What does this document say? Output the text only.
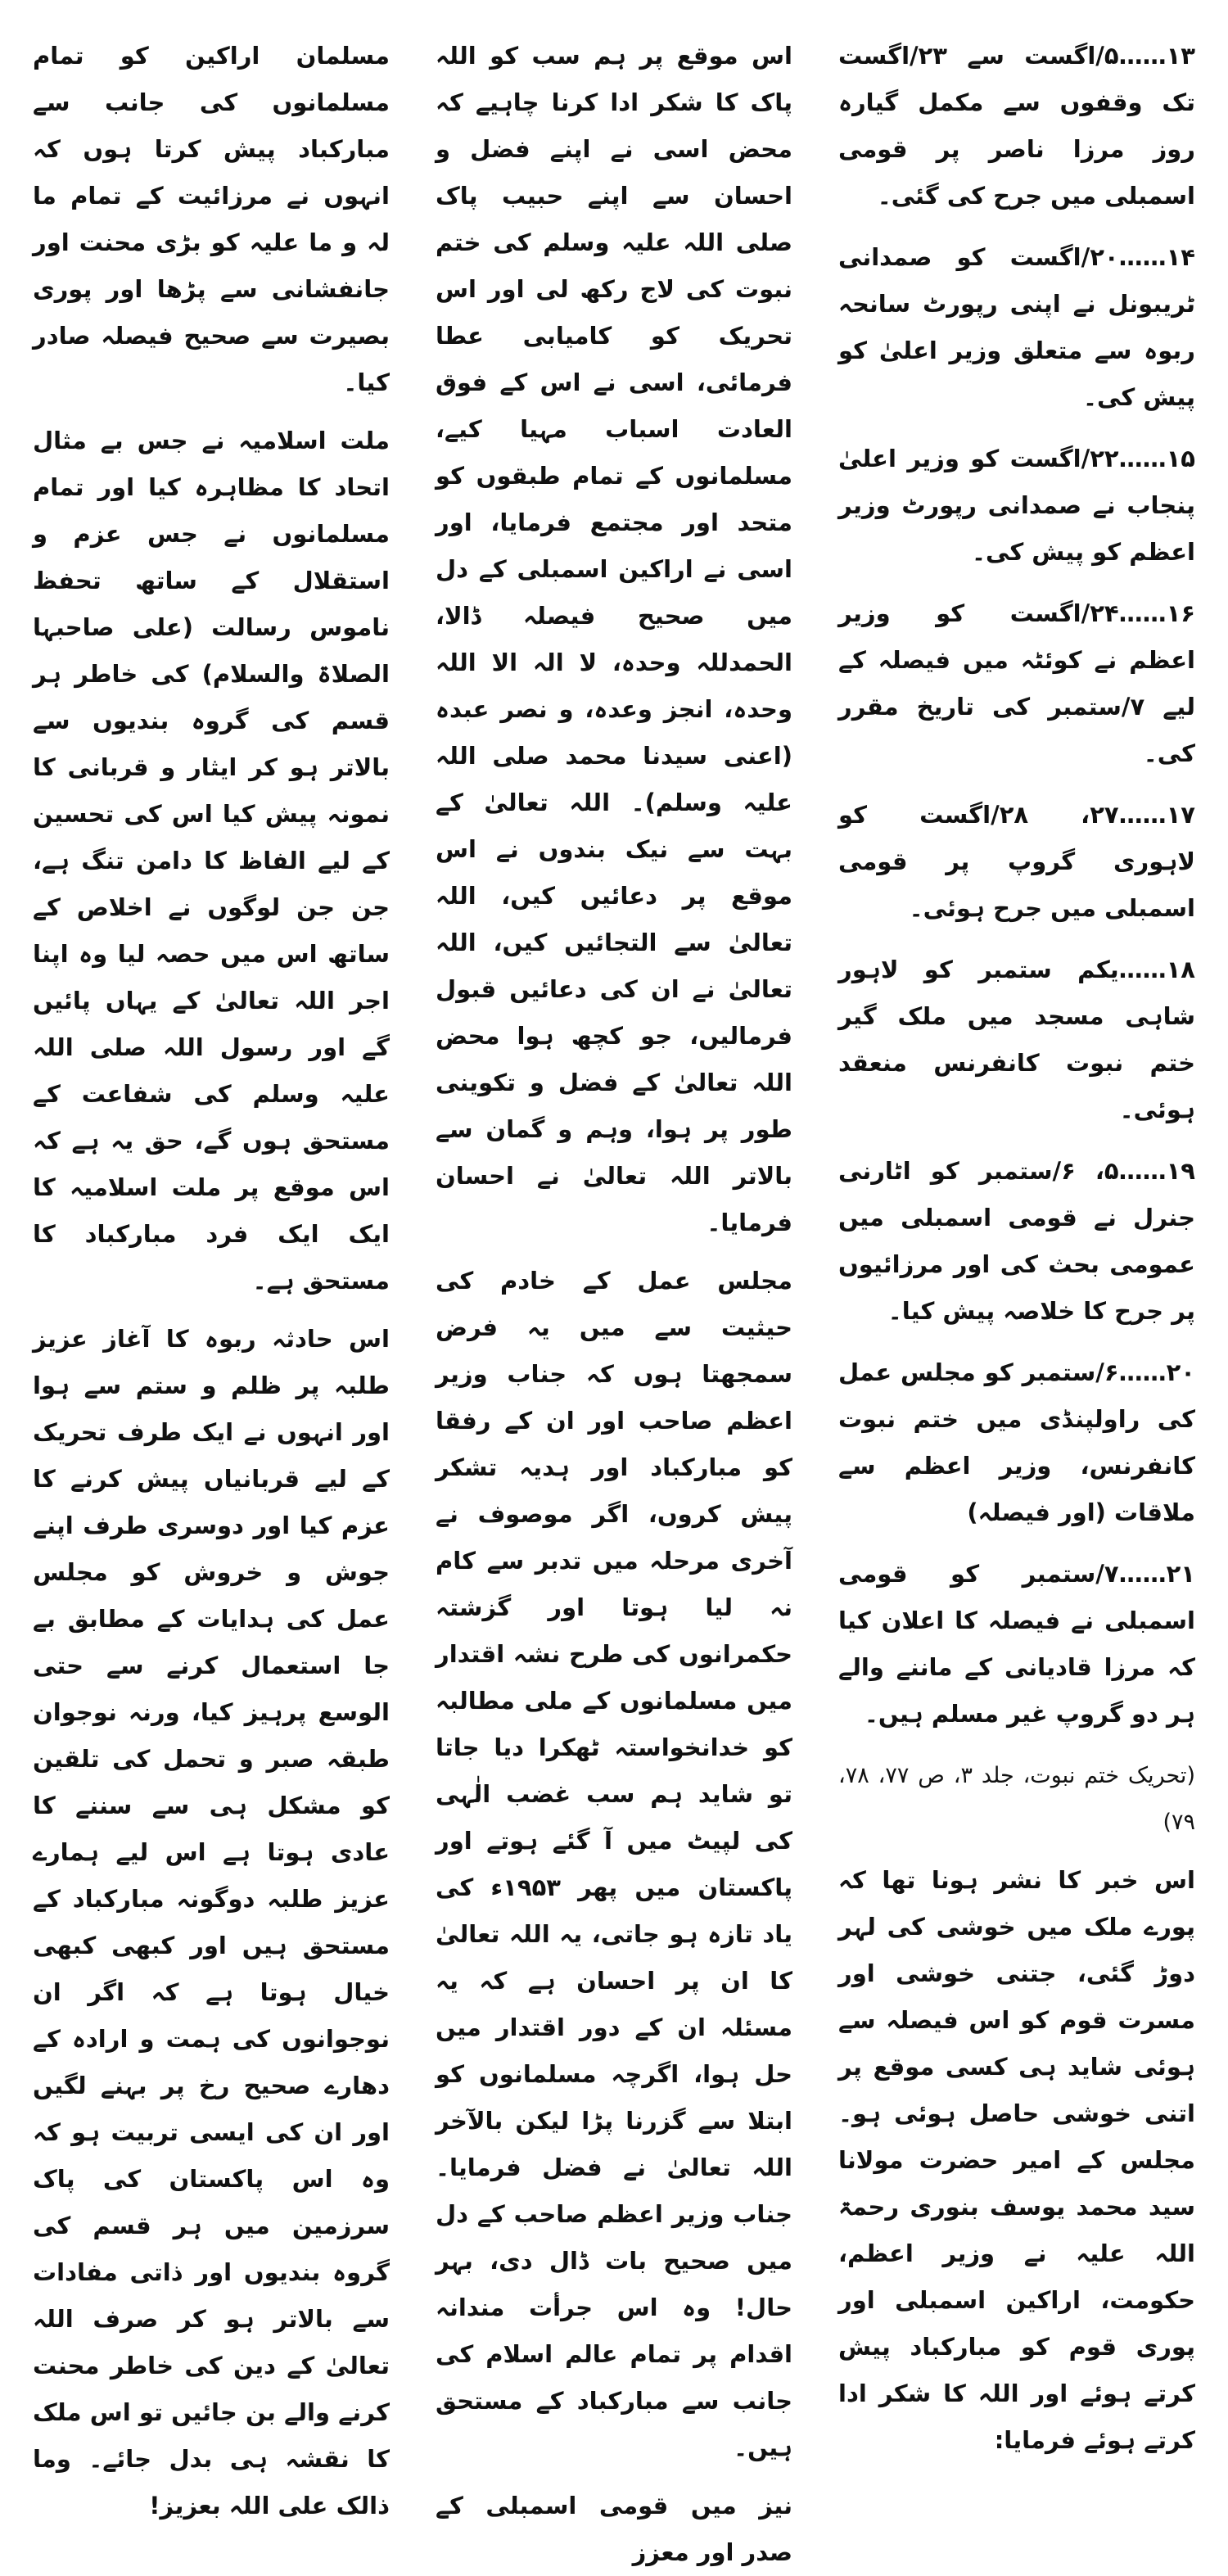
۱۳……۵/اگست سے ۲۳/اگست تک وقفوں سے مکمل گیارہ روز مرزا ناصر پر قومی اسمبلی میں جرح کی گئی۔

۱۴……۲۰/اگست کو صمدانی ٹریبونل نے اپنی رپورٹ سانحہ ربوہ سے متعلق وزیر اعلیٰ کو پیش کی۔

۱۵……۲۲/اگست کو وزیر اعلیٰ پنجاب نے صمدانی رپورٹ وزیر اعظم کو پیش کی۔

۱۶……۲۴/اگست کو وزیر اعظم نے کوئٹہ میں فیصلہ کے لیے ۷/ستمبر کی تاریخ مقرر کی۔

۱۷……۲۷، ۲۸/اگست کو لاہوری گروپ پر قومی اسمبلی میں جرح ہوئی۔

۱۸……یکم ستمبر کو لاہور شاہی مسجد میں ملک گیر ختم نبوت کانفرنس منعقد ہوئی۔

۱۹……۵، ۶/ستمبر کو اٹارنی جنرل نے قومی اسمبلی میں عمومی بحث کی اور مرزائیوں پر جرح کا خلاصہ پیش کیا۔

۲۰……۶/ستمبر کو مجلس عمل کی راولپنڈی میں ختم نبوت کانفرنس، وزیر اعظم سے ملاقات (اور فیصلہ)

۲۱……۷/ستمبر کو قومی اسمبلی نے فیصلہ کا اعلان کیا کہ مرزا قادیانی کے ماننے والے ہر دو گروپ غیر مسلم ہیں۔

(تحریک ختم نبوت، جلد ۳، ص ۷۷، ۷۸، ۷۹)

اس خبر کا نشر ہونا تھا کہ پورے ملک میں خوشی کی لہر دوڑ گئی، جتنی خوشی اور مسرت قوم کو اس فیصلہ سے ہوئی شاید ہی کسی موقع پر اتنی خوشی حاصل ہوئی ہو۔ مجلس کے امیر حضرت مولانا سید محمد یوسف بنوری رحمۃ اللہ علیہ نے وزیر اعظم، حکومت، اراکین اسمبلی اور پوری قوم کو مبارکباد پیش کرتے ہوئے اور اللہ کا شکر ادا کرتے ہوئے فرمایا:

اس موقع پر ہم سب کو اللہ پاک کا شکر ادا کرنا چاہیے کہ محض اسی نے اپنے فضل و احسان سے اپنے حبیب پاک صلی اللہ علیہ وسلم کی ختم نبوت کی لاج رکھ لی اور اس تحریک کو کامیابی عطا فرمائی، اسی نے اس کے فوق العادت اسباب مہیا کیے، مسلمانوں کے تمام طبقوں کو متحد اور مجتمع فرمایا، اور اسی نے اراکین اسمبلی کے دل میں صحیح فیصلہ ڈالا، الحمدللہ وحدہ، لا الہ الا اللہ وحدہ، انجز وعدہ، و نصر عبدہ (اعنی سیدنا محمد صلی اللہ علیہ وسلم)۔ اللہ تعالیٰ کے بہت سے نیک بندوں نے اس موقع پر دعائیں کیں، اللہ تعالیٰ سے التجائیں کیں، اللہ تعالیٰ نے ان کی دعائیں قبول فرمالیں، جو کچھ ہوا محض اللہ تعالیٰ کے فضل و تکوینی طور پر ہوا، وہم و گمان سے بالاتر اللہ تعالیٰ نے احسان فرمایا۔

مجلس عمل کے خادم کی حیثیت سے میں یہ فرض سمجھتا ہوں کہ جناب وزیر اعظم صاحب اور ان کے رفقا کو مبارکباد اور ہدیہ تشکر پیش کروں، اگر موصوف نے آخری مرحلہ میں تدبر سے کام نہ لیا ہوتا اور گزشتہ حکمرانوں کی طرح نشہ اقتدار میں مسلمانوں کے ملی مطالبہ کو خدانخواستہ ٹھکرا دیا جاتا تو شاید ہم سب غضب الٰہی کی لپیٹ میں آ گئے ہوتے اور پاکستان میں پھر ۱۹۵۳ء کی یاد تازہ ہو جاتی، یہ اللہ تعالیٰ کا ان پر احسان ہے کہ یہ مسئلہ ان کے دور اقتدار میں حل ہوا، اگرچہ مسلمانوں کو ابتلا سے گزرنا پڑا لیکن بالآخر اللہ تعالیٰ نے فضل فرمایا۔ جناب وزیر اعظم صاحب کے دل میں صحیح بات ڈال دی، بہر حال! وہ اس جرأت مندانہ اقدام پر تمام عالم اسلام کی جانب سے مبارکباد کے مستحق ہیں۔

نیز میں قومی اسمبلی کے صدر اور معزز

مسلمان اراکین کو تمام مسلمانوں کی جانب سے مبارکباد پیش کرتا ہوں کہ انہوں نے مرزائیت کے تمام ما لہ و ما علیہ کو بڑی محنت اور جانفشانی سے پڑھا اور پوری بصیرت سے صحیح فیصلہ صادر کیا۔

ملت اسلامیہ نے جس بے مثال اتحاد کا مظاہرہ کیا اور تمام مسلمانوں نے جس عزم و استقلال کے ساتھ تحفظ ناموس رسالت (علی صاحبہا الصلاۃ والسلام) کی خاطر ہر قسم کی گروہ بندیوں سے بالاتر ہو کر ایثار و قربانی کا نمونہ پیش کیا اس کی تحسین کے لیے الفاظ کا دامن تنگ ہے، جن جن لوگوں نے اخلاص کے ساتھ اس میں حصہ لیا وہ اپنا اجر اللہ تعالیٰ کے یہاں پائیں گے اور رسول اللہ صلی اللہ علیہ وسلم کی شفاعت کے مستحق ہوں گے، حق یہ ہے کہ اس موقع پر ملت اسلامیہ کا ایک ایک فرد مبارکباد کا مستحق ہے۔

اس حادثہ ربوہ کا آغاز عزیز طلبہ پر ظلم و ستم سے ہوا اور انہوں نے ایک طرف تحریک کے لیے قربانیاں پیش کرنے کا عزم کیا اور دوسری طرف اپنے جوش و خروش کو مجلس عمل کی ہدایات کے مطابق بے جا استعمال کرنے سے حتی الوسع پرہیز کیا، ورنہ نوجوان طبقہ صبر و تحمل کی تلقین کو مشکل ہی سے سننے کا عادی ہوتا ہے اس لیے ہمارے عزیز طلبہ دوگونہ مبارکباد کے مستحق ہیں اور کبھی کبھی خیال ہوتا ہے کہ اگر ان نوجوانوں کی ہمت و ارادہ کے دھارے صحیح رخ پر بہنے لگیں اور ان کی ایسی تربیت ہو کہ وہ اس پاکستان کی پاک سرزمین میں ہر قسم کی گروہ بندیوں اور ذاتی مفادات سے بالاتر ہو کر صرف اللہ تعالیٰ کے دین کی خاطر محنت کرنے والے بن جائیں تو اس ملک کا نقشہ ہی بدل جائے۔ وما ذالک علی اللہ بعزیز!
